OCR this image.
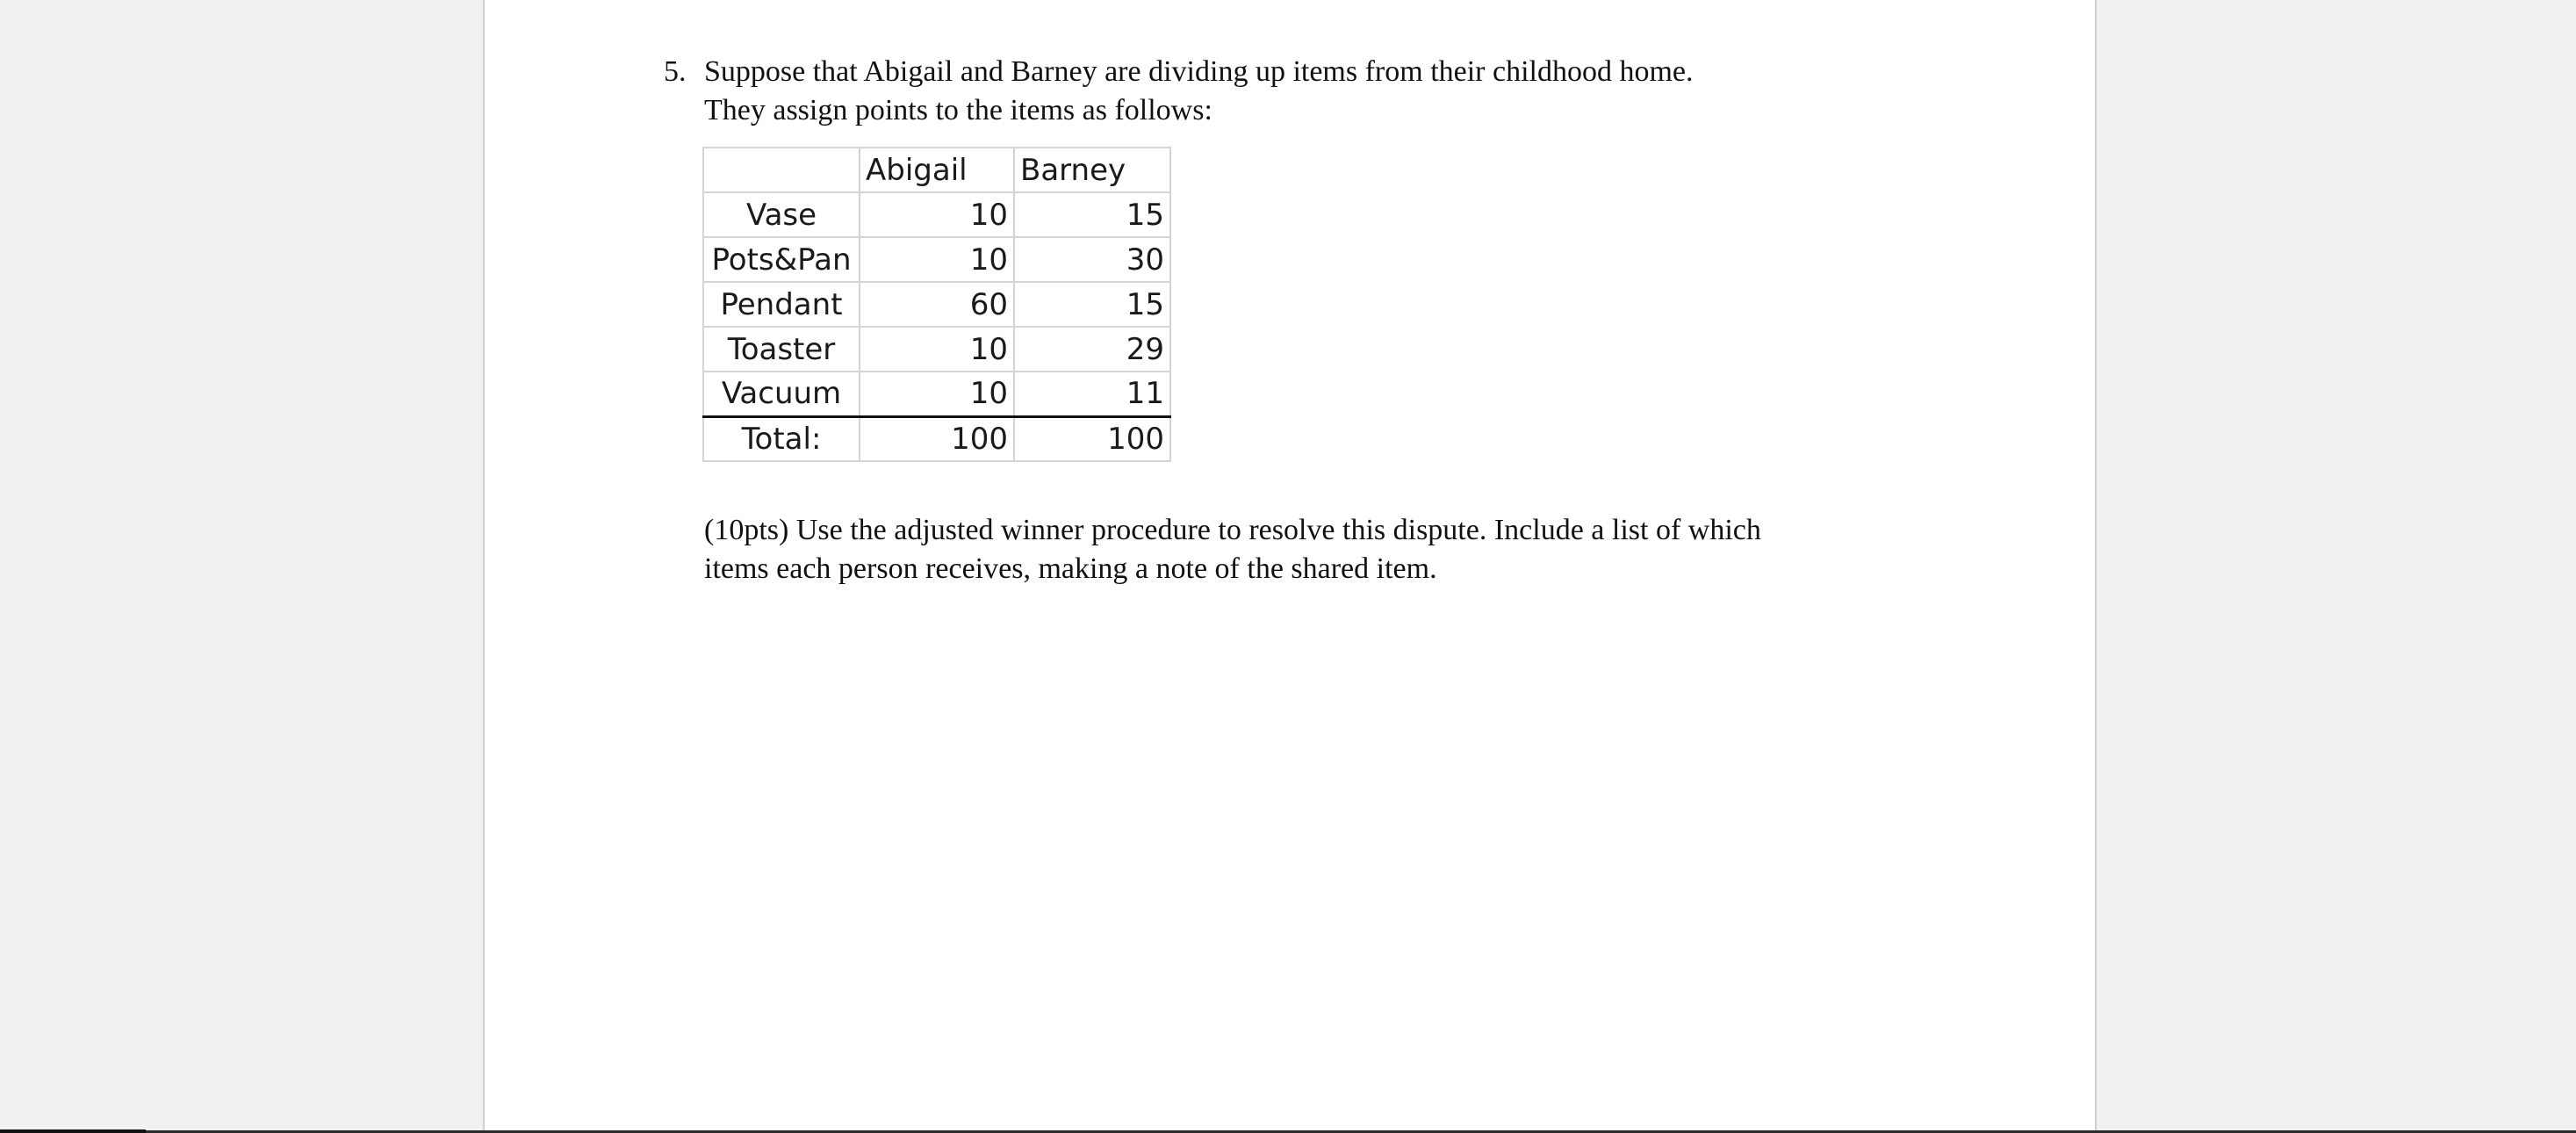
5. Suppose that Abigail and Barney are dividing up items from their childhood home.

They assign points to the items as follows:

	Abigail	Barney
Vase	10	15
Pots&Pan	10	30
Pendant	60	15
Toaster	10	29
Vacuum	10	11
Total:	100	100

(10pts) Use the adjusted winner procedure to resolve this dispute. Include a list of which

items each person receives, making a note of the shared item.
